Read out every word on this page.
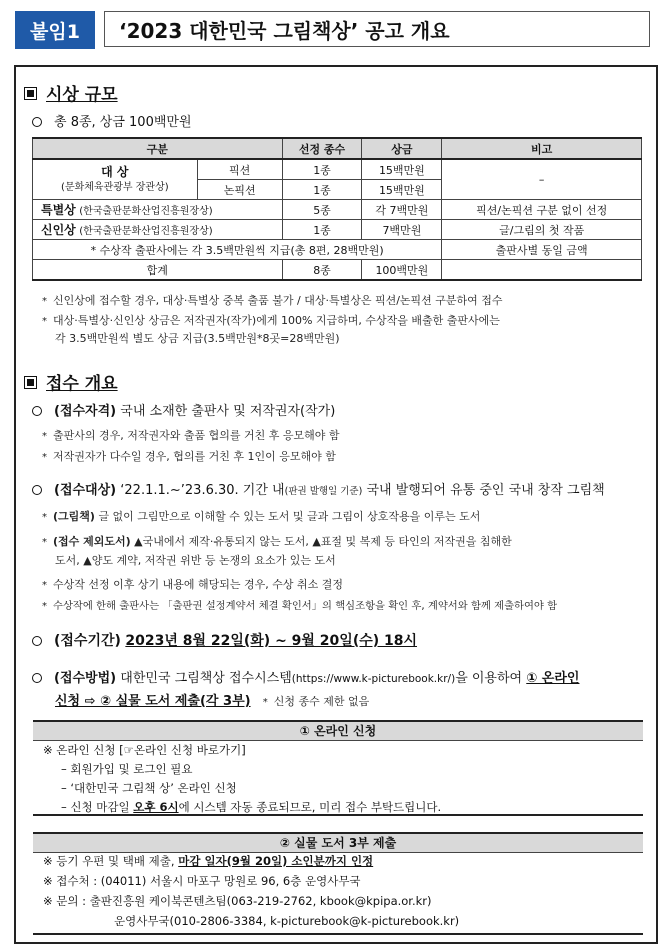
붙임1	‘2023 대한민국 그림책상’ 공고 개요
시상 규모
총 8종, 상금 100백만원
구분		선정 종수	상금	비고

대 상
(문화체육관광부 장관상)	픽션	1종	15백만원	–
	논픽션	1종	15백만원	
특별상 (한국출판문화산업진흥원장상)		5종	각 7백만원	픽션/논픽션 구분 없이 선정
신인상 (한국출판문화산업진흥원장상)		1종	7백만원	글/그림의 첫 작품
* 수상작 출판사에는 각 3.5백만원씩 지급(총 8편, 28백만원)				출판사별 동일 금액
합계		8종	100백만원	
* 신인상에 접수할 경우, 대상·특별상 중복 출품 불가 / 대상·특별상은 픽션/논픽션 구분하여 접수
* 대상·특별상·신인상 상금은 저작권자(작가)에게 100% 지급하며, 수상작을 배출한 출판사에는
각 3.5백만원씩 별도 상금 지급(3.5백만원*8곳=28백만원)
접수 개요
(접수자격) 국내 소재한 출판사 및 저작권자(작가)
* 출판사의 경우, 저작권자와 출품 협의를 거친 후 응모해야 함
* 저작권자가 다수일 경우, 협의를 거친 후 1인이 응모해야 함
(접수대상) ‘22.1.1.~’23.6.30. 기간 내(판권 발행일 기준) 국내 발행되어 유통 중인 국내 창작 그림책
* (그림책) 글 없이 그림만으로 이해할 수 있는 도서 및 글과 그림이 상호작용을 이루는 도서
* (접수 제외도서) ▲국내에서 제작·유통되지 않는 도서, ▲표절 및 복제 등 타인의 저작권을 침해한
도서, ▲양도 계약, 저작권 위반 등 논쟁의 요소가 있는 도서
* 수상작 선정 이후 상기 내용에 해당되는 경우, 수상 취소 결정
* 수상작에 한해 출판사는 「출판권 설정계약서 체결 확인서」의 핵심조항을 확인 후, 계약서와 함께 제출하여야 함
(접수기간) 2023년 8월 22일(화) ~ 9월 20일(수) 18시
(접수방법) 대한민국 그림책상 접수시스템(https://www.k-picturebook.kr/)을 이용하여 ① 온라인
신청 ⇨ ② 실물 도서 제출(각 3부) * 신청 종수 제한 없음
① 온라인 신청
※ 온라인 신청 [☞온라인 신청 바로가기]
– 회원가입 및 로그인 필요
– ‘대한민국 그림책 상’ 온라인 신청
– 신청 마감일 오후 6시에 시스템 자동 종료되므로, 미리 접수 부탁드립니다.
② 실물 도서 3부 제출
※ 등기 우편 및 택배 제출, 마감 일자(9월 20일) 소인분까지 인정
※ 접수처 : (04011) 서울시 마포구 망원로 96, 6층 운영사무국
※ 문의 : 출판진흥원 케이북콘텐츠팀(063-219-2762, kbook@kpipa.or.kr)
운영사무국(010-2806-3384, k-picturebook@k-picturebook.kr)
